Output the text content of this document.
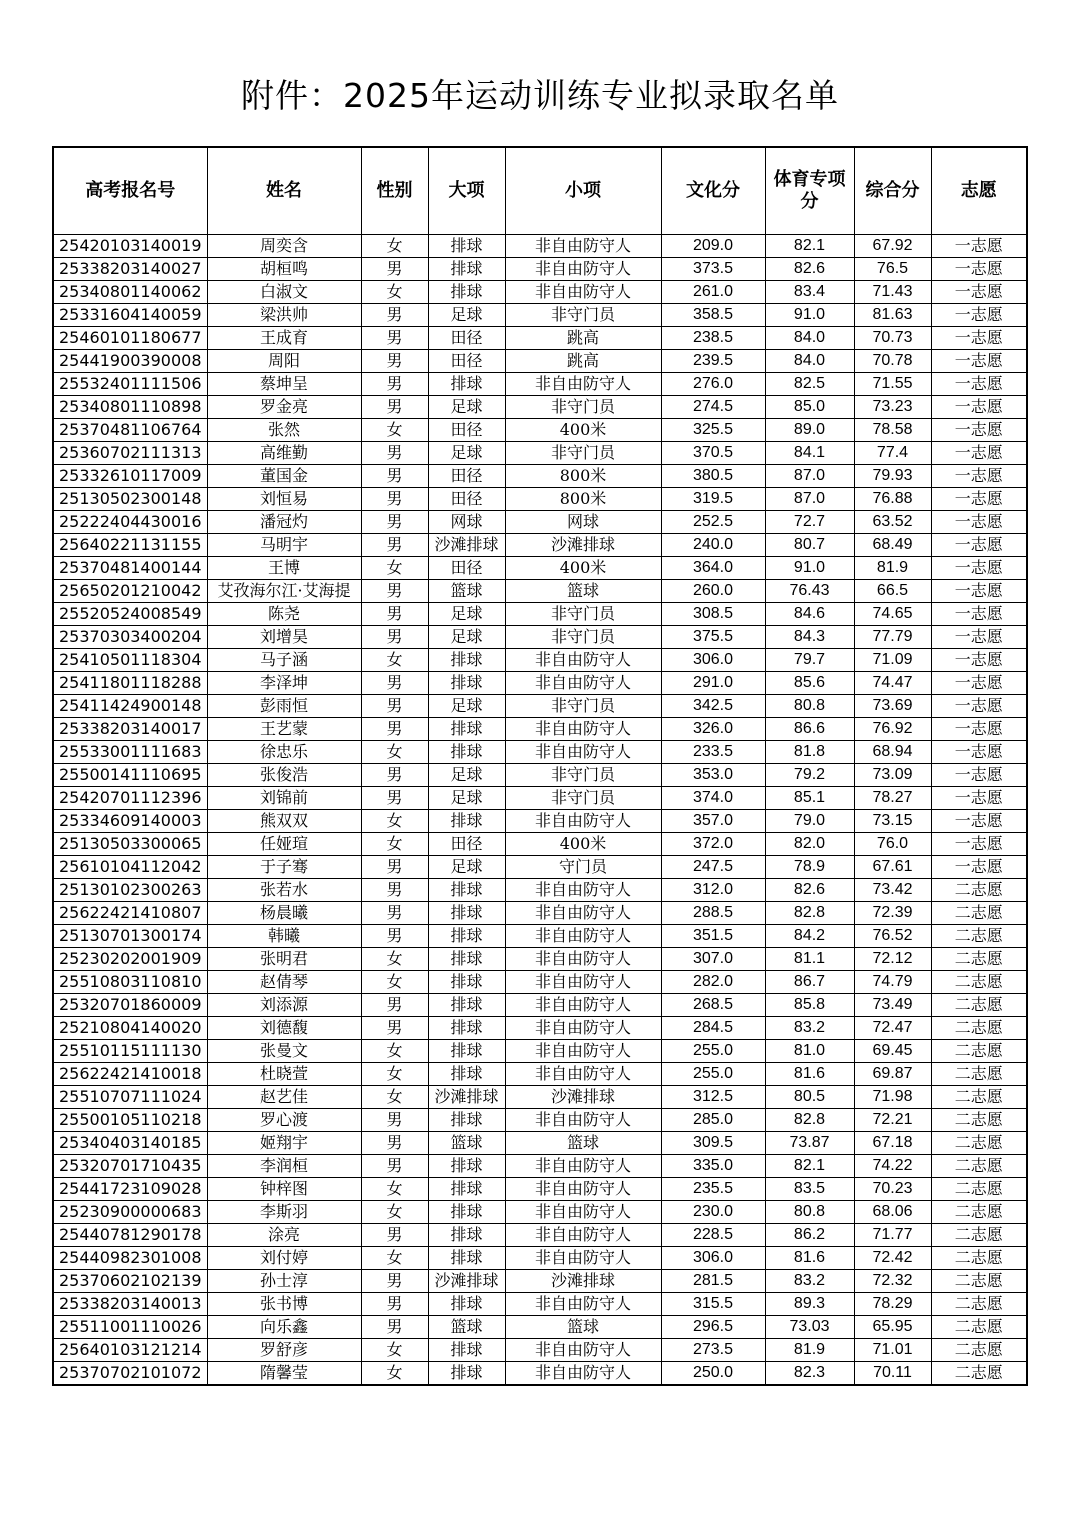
附件：2025年运动训练专业拟录取名单
高考报名号	姓名	性别	大项	小项	文化分	体育专项分	综合分	志愿
25420103140019	周奕含	女	排球	非自由防守人	209.0	82.1	67.92	一志愿
25338203140027	胡桓鸣	男	排球	非自由防守人	373.5	82.6	76.5	一志愿
25340801140062	白淑文	女	排球	非自由防守人	261.0	83.4	71.43	一志愿
25331604140059	梁洪帅	男	足球	非守门员	358.5	91.0	81.63	一志愿
25460101180677	王成育	男	田径	跳高	238.5	84.0	70.73	一志愿
25441900390008	周阳	男	田径	跳高	239.5	84.0	70.78	一志愿
25532401111506	蔡坤呈	男	排球	非自由防守人	276.0	82.5	71.55	一志愿
25340801110898	罗金亮	男	足球	非守门员	274.5	85.0	73.23	一志愿
25370481106764	张然	女	田径	400米	325.5	89.0	78.58	一志愿
25360702111313	高维勤	男	足球	非守门员	370.5	84.1	77.4	一志愿
25332610117009	董国金	男	田径	800米	380.5	87.0	79.93	一志愿
25130502300148	刘恒易	男	田径	800米	319.5	87.0	76.88	一志愿
25222404430016	潘冠灼	男	网球	网球	252.5	72.7	63.52	一志愿
25640221131155	马明宇	男	沙滩排球	沙滩排球	240.0	80.7	68.49	一志愿
25370481400144	王博	女	田径	400米	364.0	91.0	81.9	一志愿
25650201210042	艾孜海尔江·艾海提	男	篮球	篮球	260.0	76.43	66.5	一志愿
25520524008549	陈尧	男	足球	非守门员	308.5	84.6	74.65	一志愿
25370303400204	刘增昊	男	足球	非守门员	375.5	84.3	77.79	一志愿
25410501118304	马子涵	女	排球	非自由防守人	306.0	79.7	71.09	一志愿
25411801118288	李泽坤	男	排球	非自由防守人	291.0	85.6	74.47	一志愿
25411424900148	彭雨恒	男	足球	非守门员	342.5	80.8	73.69	一志愿
25338203140017	王艺蒙	男	排球	非自由防守人	326.0	86.6	76.92	一志愿
25533001111683	徐忠乐	女	排球	非自由防守人	233.5	81.8	68.94	一志愿
25500141110695	张俊浩	男	足球	非守门员	353.0	79.2	73.09	一志愿
25420701112396	刘锦前	男	足球	非守门员	374.0	85.1	78.27	一志愿
25334609140003	熊双双	女	排球	非自由防守人	357.0	79.0	73.15	一志愿
25130503300065	任娅瑄	女	田径	400米	372.0	82.0	76.0	一志愿
25610104112042	于子骞	男	足球	守门员	247.5	78.9	67.61	一志愿
25130102300263	张若水	男	排球	非自由防守人	312.0	82.6	73.42	二志愿
25622421410807	杨晨曦	男	排球	非自由防守人	288.5	82.8	72.39	二志愿
25130701300174	韩曦	男	排球	非自由防守人	351.5	84.2	76.52	二志愿
25230202001909	张明君	女	排球	非自由防守人	307.0	81.1	72.12	二志愿
25510803110810	赵倩琴	女	排球	非自由防守人	282.0	86.7	74.79	二志愿
25320701860009	刘添源	男	排球	非自由防守人	268.5	85.8	73.49	二志愿
25210804140020	刘德馥	男	排球	非自由防守人	284.5	83.2	72.47	二志愿
25510115111130	张曼文	女	排球	非自由防守人	255.0	81.0	69.45	二志愿
25622421410018	杜晓萱	女	排球	非自由防守人	255.0	81.6	69.87	二志愿
25510707111024	赵艺佳	女	沙滩排球	沙滩排球	312.5	80.5	71.98	二志愿
25500105110218	罗心渡	男	排球	非自由防守人	285.0	82.8	72.21	二志愿
25340403140185	姬翔宇	男	篮球	篮球	309.5	73.87	67.18	二志愿
25320701710435	李润桓	男	排球	非自由防守人	335.0	82.1	74.22	二志愿
25441723109028	钟梓图	女	排球	非自由防守人	235.5	83.5	70.23	二志愿
25230900000683	李斯羽	女	排球	非自由防守人	230.0	80.8	68.06	二志愿
25440781290178	涂亮	男	排球	非自由防守人	228.5	86.2	71.77	二志愿
25440982301008	刘付婷	女	排球	非自由防守人	306.0	81.6	72.42	二志愿
25370602102139	孙士淳	男	沙滩排球	沙滩排球	281.5	83.2	72.32	二志愿
25338203140013	张书博	男	排球	非自由防守人	315.5	89.3	78.29	二志愿
25511001110026	向乐鑫	男	篮球	篮球	296.5	73.03	65.95	二志愿
25640103121214	罗舒彦	女	排球	非自由防守人	273.5	81.9	71.01	二志愿
25370702101072	隋馨莹	女	排球	非自由防守人	250.0	82.3	70.11	二志愿
